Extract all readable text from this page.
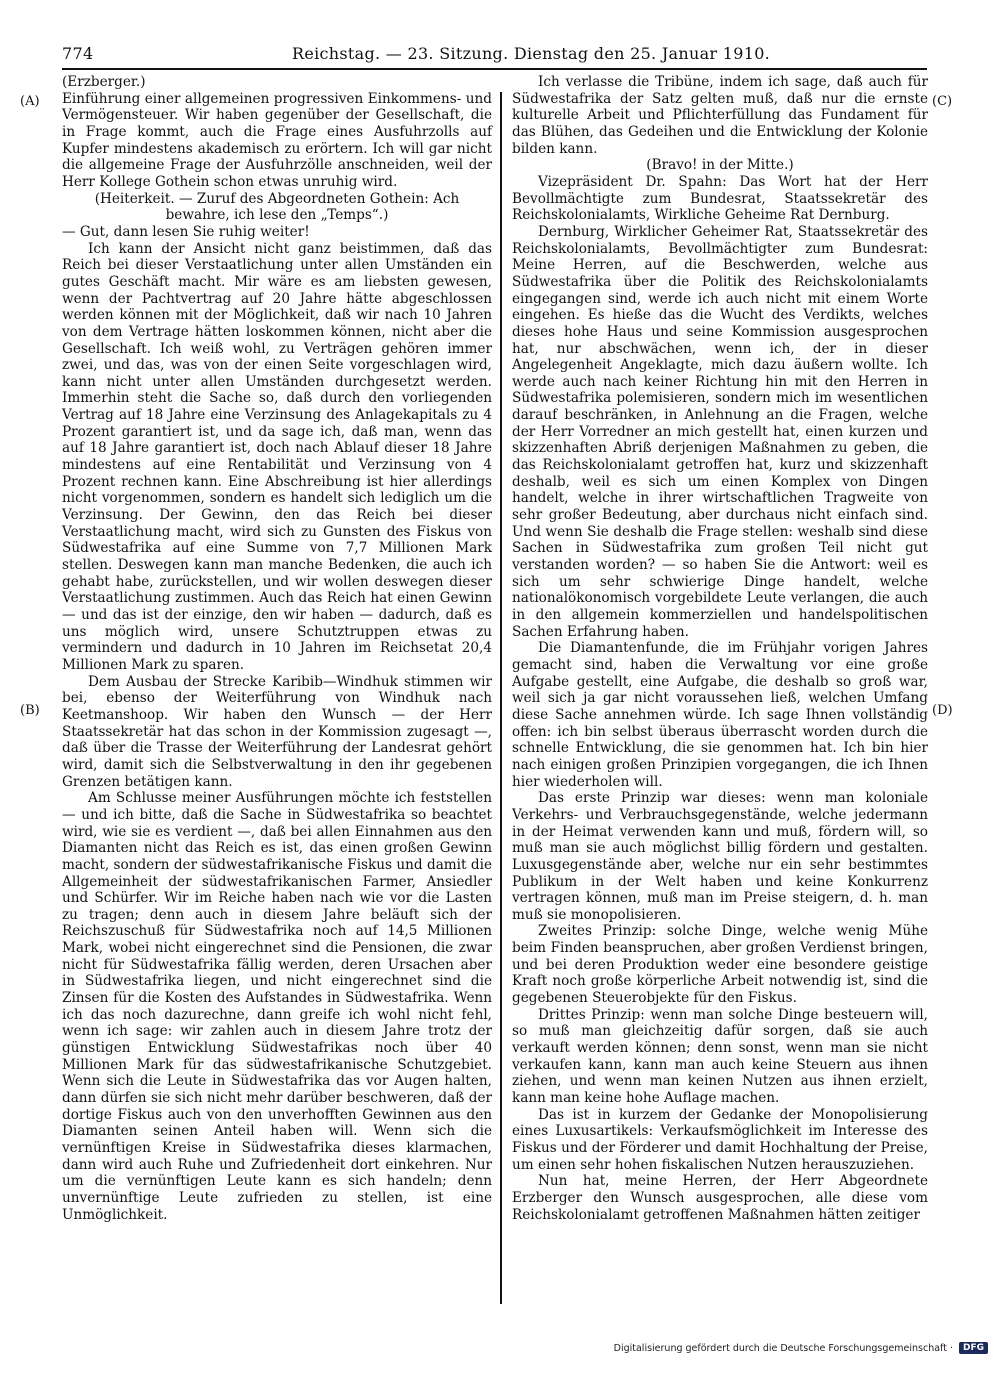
774	Reichstag. — 23. Sitzung. Dienstag den 25. Januar 1910.
(A)
(B)
(C)
(D)

(Erzberger.)

Einführung einer allgemeinen progressiven Einkommens- und Vermögensteuer. Wir haben gegenüber der Gesellschaft, die in Frage kommt, auch die Frage eines Ausfuhrzolls auf Kupfer mindestens akademisch zu erörtern. Ich will gar nicht die allgemeine Frage der Ausfuhrzölle anschneiden, weil der Herr Kollege Gothein schon etwas unruhig wird.

(Heiterkeit. — Zuruf des Abgeordneten Gothein: Ach bewahre, ich lese den „Temps“.)

— Gut, dann lesen Sie ruhig weiter!

Ich kann der Ansicht nicht ganz beistimmen, daß das Reich bei dieser Verstaatlichung unter allen Umständen ein gutes Geschäft macht. Mir wäre es am liebsten gewesen, wenn der Pachtvertrag auf 20 Jahre hätte abgeschlossen werden können mit der Möglichkeit, daß wir nach 10 Jahren von dem Vertrage hätten loskommen können, nicht aber die Gesellschaft. Ich weiß wohl, zu Verträgen gehören immer zwei, und das, was von der einen Seite vorgeschlagen wird, kann nicht unter allen Umständen durchgesetzt werden. Immerhin steht die Sache so, daß durch den vorliegenden Vertrag auf 18 Jahre eine Verzinsung des Anlagekapitals zu 4 Prozent garantiert ist, und da sage ich, daß man, wenn das auf 18 Jahre garantiert ist, doch nach Ablauf dieser 18 Jahre mindestens auf eine Rentabilität und Verzinsung von 4 Prozent rechnen kann. Eine Abschreibung ist hier allerdings nicht vorgenommen, sondern es handelt sich lediglich um die Verzinsung. Der Gewinn, den das Reich bei dieser Verstaatlichung macht, wird sich zu Gunsten des Fiskus von Südwestafrika auf eine Summe von 7,7 Millionen Mark stellen. Deswegen kann man manche Bedenken, die auch ich gehabt habe, zurückstellen, und wir wollen deswegen dieser Verstaatlichung zustimmen. Auch das Reich hat einen Gewinn — und das ist der einzige, den wir haben — dadurch, daß es uns möglich wird, unsere Schutztruppen etwas zu vermindern und dadurch in 10 Jahren im Reichsetat 20,4 Millionen Mark zu sparen.

Dem Ausbau der Strecke Karibib—Windhuk stimmen wir bei, ebenso der Weiterführung von Windhuk nach Keetmanshoop. Wir haben den Wunsch — der Herr Staatssekretär hat das schon in der Kommission zugesagt —, daß über die Trasse der Weiterführung der Landesrat gehört wird, damit sich die Selbstverwaltung in den ihr gegebenen Grenzen betätigen kann.

Am Schlusse meiner Ausführungen möchte ich feststellen — und ich bitte, daß die Sache in Südwestafrika so beachtet wird, wie sie es verdient —, daß bei allen Einnahmen aus den Diamanten nicht das Reich es ist, das einen großen Gewinn macht, sondern der südwestafrikanische Fiskus und damit die Allgemeinheit der südwestafrikanischen Farmer, Ansiedler und Schürfer. Wir im Reiche haben nach wie vor die Lasten zu tragen; denn auch in diesem Jahre beläuft sich der Reichszuschuß für Südwestafrika noch auf 14,5 Millionen Mark, wobei nicht eingerechnet sind die Pensionen, die zwar nicht für Südwestafrika fällig werden, deren Ursachen aber in Südwestafrika liegen, und nicht eingerechnet sind die Zinsen für die Kosten des Aufstandes in Südwestafrika. Wenn ich das noch dazurechne, dann greife ich wohl nicht fehl, wenn ich sage: wir zahlen auch in diesem Jahre trotz der günstigen Entwicklung Südwestafrikas noch über 40 Millionen Mark für das südwestafrikanische Schutzgebiet. Wenn sich die Leute in Südwestafrika das vor Augen halten, dann dürfen sie sich nicht mehr darüber beschweren, daß der dortige Fiskus auch von den unverhofften Gewinnen aus den Diamanten seinen Anteil haben will. Wenn sich die vernünftigen Kreise in Südwestafrika dieses klarmachen, dann wird auch Ruhe und Zufriedenheit dort einkehren. Nur um die vernünftigen Leute kann es sich handeln; denn unvernünftige Leute zufrieden zu stellen, ist eine Unmöglichkeit.

Ich verlasse die Tribüne, indem ich sage, daß auch für Südwestafrika der Satz gelten muß, daß nur die ernste kulturelle Arbeit und Pflichterfüllung das Fundament für das Blühen, das Gedeihen und die Entwicklung der Kolonie bilden kann.

(Bravo! in der Mitte.)

Vizepräsident Dr. Spahn: Das Wort hat der Herr Bevollmächtigte zum Bundesrat, Staatssekretär des Reichskolonialamts, Wirkliche Geheime Rat Dernburg.

Dernburg, Wirklicher Geheimer Rat, Staatssekretär des Reichskolonialamts, Bevollmächtigter zum Bundesrat: Meine Herren, auf die Beschwerden, welche aus Südwestafrika über die Politik des Reichskolonialamts eingegangen sind, werde ich auch nicht mit einem Worte eingehen. Es hieße das die Wucht des Verdikts, welches dieses hohe Haus und seine Kommission ausgesprochen hat, nur abschwächen, wenn ich, der in dieser Angelegenheit Angeklagte, mich dazu äußern wollte. Ich werde auch nach keiner Richtung hin mit den Herren in Südwestafrika polemisieren, sondern mich im wesentlichen darauf beschränken, in Anlehnung an die Fragen, welche der Herr Vorredner an mich gestellt hat, einen kurzen und skizzenhaften Abriß derjenigen Maßnahmen zu geben, die das Reichskolonialamt getroffen hat, kurz und skizzenhaft deshalb, weil es sich um einen Komplex von Dingen handelt, welche in ihrer wirtschaftlichen Tragweite von sehr großer Bedeutung, aber durchaus nicht einfach sind. Und wenn Sie deshalb die Frage stellen: weshalb sind diese Sachen in Südwestafrika zum großen Teil nicht gut verstanden worden? — so haben Sie die Antwort: weil es sich um sehr schwierige Dinge handelt, welche nationalökonomisch vorgebildete Leute verlangen, die auch in den allgemein kommerziellen und handelspolitischen Sachen Erfahrung haben.

Die Diamantenfunde, die im Frühjahr vorigen Jahres gemacht sind, haben die Verwaltung vor eine große Aufgabe gestellt, eine Aufgabe, die deshalb so groß war, weil sich ja gar nicht voraussehen ließ, welchen Umfang diese Sache annehmen würde. Ich sage Ihnen vollständig offen: ich bin selbst überaus überrascht worden durch die schnelle Entwicklung, die sie genommen hat. Ich bin hier nach einigen großen Prinzipien vorgegangen, die ich Ihnen hier wiederholen will.

Das erste Prinzip war dieses: wenn man koloniale Verkehrs- und Verbrauchsgegenstände, welche jedermann in der Heimat verwenden kann und muß, fördern will, so muß man sie auch möglichst billig fördern und gestalten. Luxusgegenstände aber, welche nur ein sehr bestimmtes Publikum in der Welt haben und keine Konkurrenz vertragen können, muß man im Preise steigern, d. h. man muß sie monopolisieren.

Zweites Prinzip: solche Dinge, welche wenig Mühe beim Finden beanspruchen, aber großen Verdienst bringen, und bei deren Produktion weder eine besondere geistige Kraft noch große körperliche Arbeit notwendig ist, sind die gegebenen Steuerobjekte für den Fiskus.

Drittes Prinzip: wenn man solche Dinge besteuern will, so muß man gleichzeitig dafür sorgen, daß sie auch verkauft werden können; denn sonst, wenn man sie nicht verkaufen kann, kann man auch keine Steuern aus ihnen ziehen, und wenn man keinen Nutzen aus ihnen erzielt, kann man keine hohe Auflage machen.

Das ist in kurzem der Gedanke der Monopolisierung eines Luxusartikels: Verkaufsmöglichkeit im Interesse des Fiskus und der Förderer und damit Hochhaltung der Preise, um einen sehr hohen fiskalischen Nutzen herauszuziehen.

Nun hat, meine Herren, der Herr Abgeordnete Erzberger den Wunsch ausgesprochen, alle diese vom Reichskolonialamt getroffenen Maßnahmen hätten zeitiger

Digitalisierung gefördert durch die Deutsche Forschungsgemeinschaft ·	DFG
